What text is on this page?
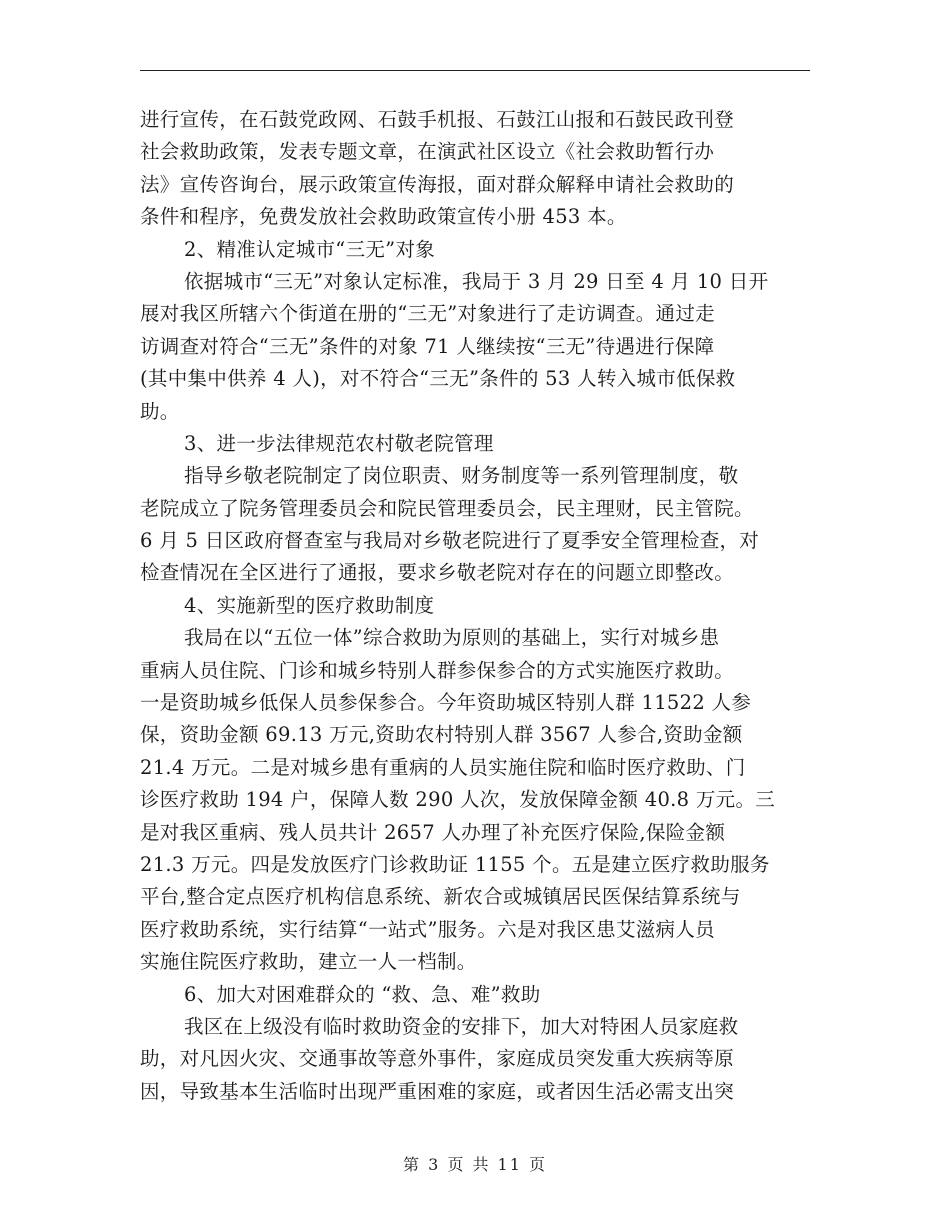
进行宣传，在石鼓党政网、石鼓手机报、石鼓江山报和石鼓民政刊登
社会救助政策，发表专题文章，在演武社区设立《社会救助暂行办
法》宣传咨询台，展示政策宣传海报，面对群众解释申请社会救助的
条件和程序，免费发放社会救助政策宣传小册 453 本。
2、精准认定城市“三无”对象
依据城市“三无”对象认定标准，我局于 3 月 29 日至 4 月 10 日开
展对我区所辖六个街道在册的“三无”对象进行了走访调查。通过走
访调查对符合“三无”条件的对象 71 人继续按“三无”待遇进行保障
(其中集中供养 4 人)，对不符合“三无”条件的 53 人转入城市低保救
助。
3、进一步法律规范农村敬老院管理
指导乡敬老院制定了岗位职责、财务制度等一系列管理制度，敬
老院成立了院务管理委员会和院民管理委员会，民主理财，民主管院。
6 月 5 日区政府督查室与我局对乡敬老院进行了夏季安全管理检查，对
检查情况在全区进行了通报，要求乡敬老院对存在的问题立即整改。
4、实施新型的医疗救助制度
我局在以“五位一体”综合救助为原则的基础上，实行对城乡患
重病人员住院、门诊和城乡特别人群参保参合的方式实施医疗救助。
一是资助城乡低保人员参保参合。今年资助城区特别人群 11522 人参
保，资助金额 69.13 万元,资助农村特别人群 3567 人参合,资助金额
21.4 万元。二是对城乡患有重病的人员实施住院和临时医疗救助、门
诊医疗救助 194 户，保障人数 290 人次，发放保障金额 40.8 万元。三
是对我区重病、残人员共计 2657 人办理了补充医疗保险,保险金额
21.3 万元。四是发放医疗门诊救助证 1155 个。五是建立医疗救助服务
平台,整合定点医疗机构信息系统、新农合或城镇居民医保结算系统与
医疗救助系统，实行结算“一站式”服务。六是对我区患艾滋病人员
实施住院医疗救助，建立一人一档制。
6、加大对困难群众的 “救、急、难”救助
我区在上级没有临时救助资金的安排下，加大对特困人员家庭救
助，对凡因火灾、交通事故等意外事件，家庭成员突发重大疾病等原
因，导致基本生活临时出现严重困难的家庭，或者因生活必需支出突
第 3 页 共 11 页
